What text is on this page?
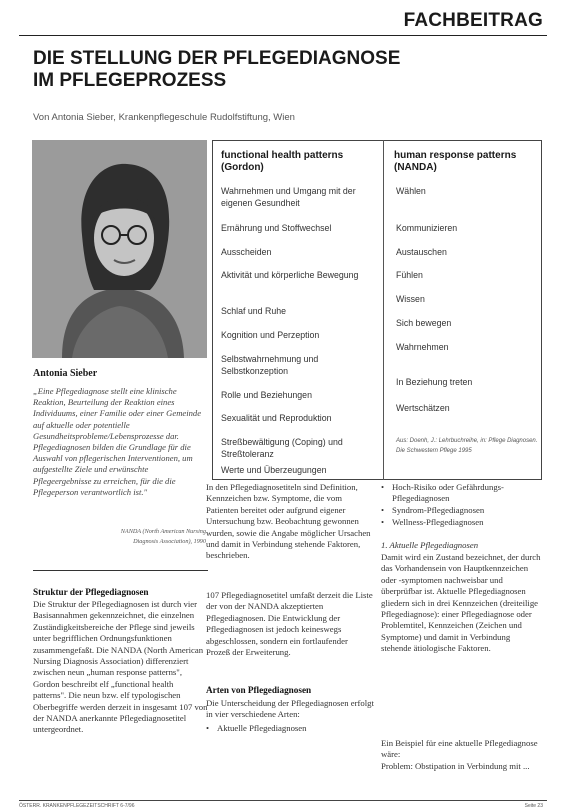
FACHBEITRAG
DIE STELLUNG DER PFLEGEDIAGNOSE
IM PFLEGEPROZESS
Von Antonia Sieber, Krankenpflegeschule Rudolfstiftung, Wien
Antonia Sieber
„Eine Pflegediagnose stellt eine klinische Reaktion, Beurteilung der Reaktion eines Individuums, einer Familie oder einer Gemeinde auf aktuelle oder potentielle Gesundheitsprobleme/Lebensprozesse dar. Pflegediagnosen bilden die Grundlage für die Auswahl von pflegerischen Interventionen, um aufgestellte Ziele und erwünschte Pflegeergebnisse zu erreichen, für die die Pflegeperson verantwortlich ist."
NANDA (North American Nursing
Diagnosis Association), 1990
functional health patterns (Gordon)
human response patterns (NANDA)
Wahrnehmen und Umgang mit der eigenen Gesundheit
Ernährung und Stoffwechsel
Ausscheiden
Aktivität und körperliche Bewegung
Schlaf und Ruhe
Kognition und Perzeption
Selbstwahrnehmung und Selbstkonzeption
Rolle und Beziehungen
Sexualität und Reproduktion
Streßbewältigung (Coping) und Streßtoleranz
Werte und Überzeugungen
Wählen
Kommunizieren
Austauschen
Fühlen
Wissen
Sich bewegen
Wahrnehmen
In Beziehung treten
Wertschätzen
Aus: Doenh, J.: Lehrbuchreihe, in: Pflege Diagnosen. Die Schwestern Pflege 1995
Struktur der Pflegediagnosen
Die Struktur der Pflegediagnosen ist durch vier Basisannahmen gekennzeichnet, die einzelnen Zuständigkeitsbereiche der Pflege sind jeweils unter begrifflichen Ordnungsfunktionen zusammengefaßt. Die NANDA (North American Nursing Diagnosis Association) differenziert zwischen neun „human response patterns", Gordon beschreibt elf „functional health patterns". Die neun bzw. elf typologischen Oberbegriffe werden derzeit in insgesamt 107 von der NANDA anerkannte Pflegediagnosetitel untergeordnet.
In den Pflegediagnosetiteln sind Definition, Kennzeichen bzw. Symptome, die vom Patienten bereitet oder aufgrund eigener Untersuchung bzw. Beobachtung gewonnen wurden, sowie die Angabe möglicher Ursachen und damit in Verbindung stehende Faktoren, beschrieben.
107 Pflegediagnosetitel umfaßt derzeit die Liste der von der NANDA akzeptierten Pflegediagnosen. Die Entwicklung der Pflegediagnosen ist jedoch keineswegs abgeschlossen, sondern ein fortlaufender Prozeß der Erweiterung.
Arten von Pflegediagnosen
Die Unterscheidung der Pflegediagnosen erfolgt in vier verschiedene Arten:
• Aktuelle Pflegediagnosen
• Hoch-Risiko oder Gefährdungs-Pflegediagnosen
• Syndrom-Pflegediagnosen
• Wellness-Pflegediagnosen
1. Aktuelle Pflegediagnosen
Damit wird ein Zustand bezeichnet, der durch das Vorhandensein von Hauptkennzeichen oder -symptomen nachweisbar und überprüfbar ist. Aktuelle Pflegediagnosen gliedern sich in drei Kennzeichen (dreiteilige Pflegediagnose): einer Pflegediagnose oder Problemtitel, Kennzeichen (Zeichen und Symptome) und damit in Verbindung stehende ätiologische Faktoren.
Ein Beispiel für eine aktuelle Pflegediagnose wäre:
Problem: Obstipation in Verbindung mit ...
ÖSTERR. KRANKENPFLEGEZEITSCHRIFT 6-7/96	Seite 23
